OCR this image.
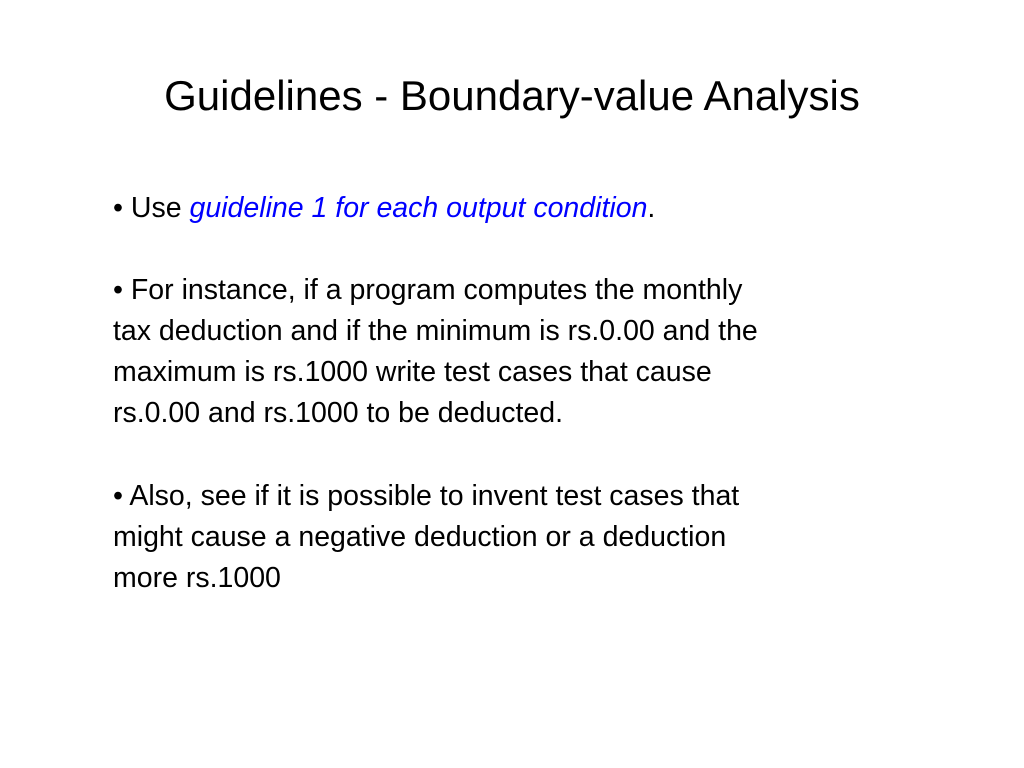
Guidelines - Boundary-value Analysis

• Use guideline 1 for each output condition.

• For instance, if a program computes the monthly
tax deduction and if the minimum is rs.0.00 and the
maximum is rs.1000 write test cases that cause
rs.0.00 and rs.1000 to be deducted.

• Also, see if it is possible to invent test cases that
might cause a negative deduction or a deduction
more rs.1000
